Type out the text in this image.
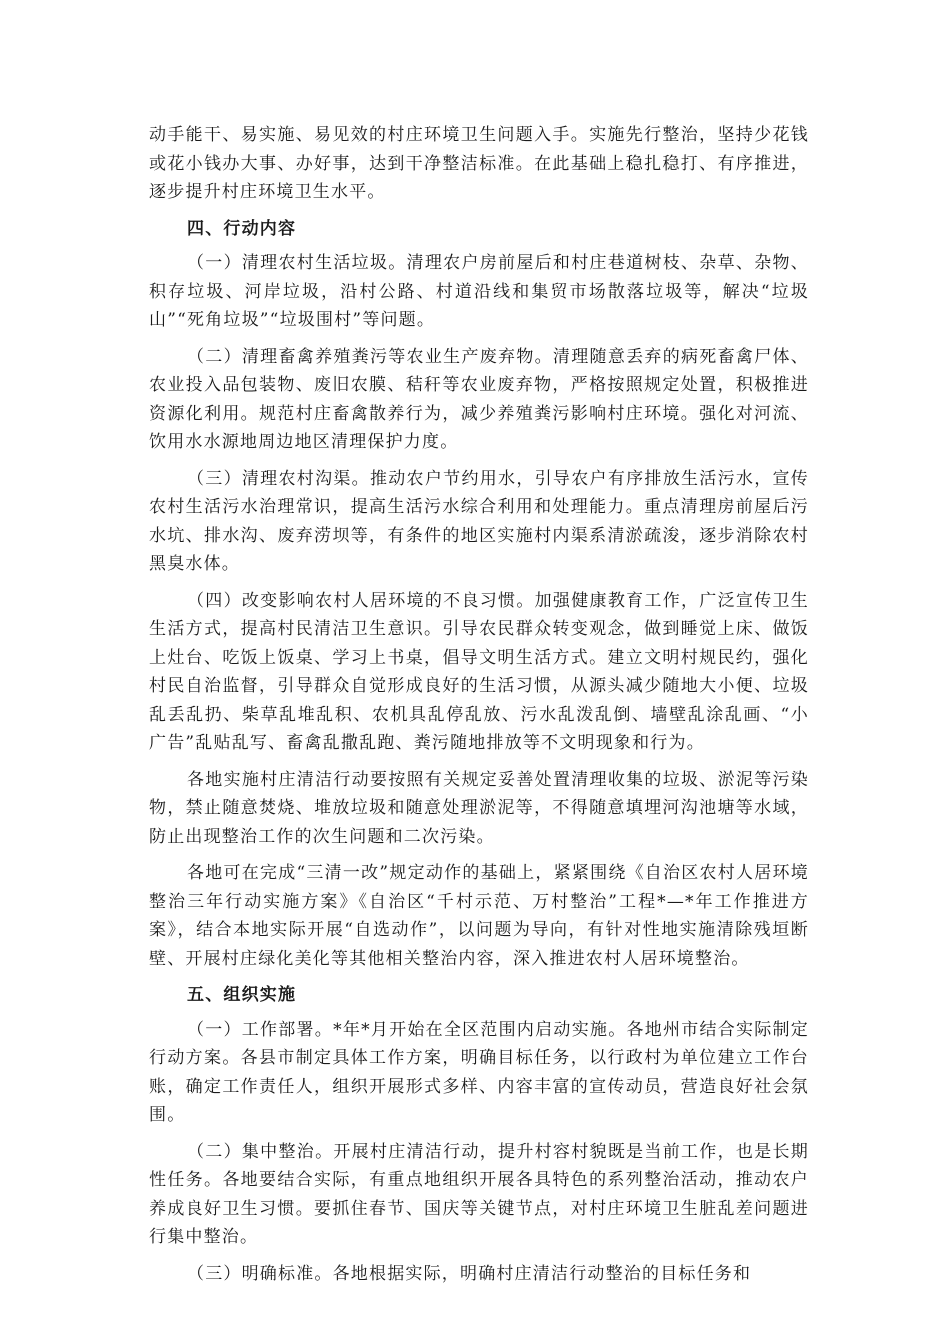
动手能干、易实施、易见效的村庄环境卫生问题入手。实施先行整治，坚持少花钱或花小钱办大事、办好事，达到干净整洁标准。在此基础上稳扎稳打、有序推进，逐步提升村庄环境卫生水平。

四、行动内容

（一）清理农村生活垃圾。清理农户房前屋后和村庄巷道树枝、杂草、杂物、积存垃圾、河岸垃圾，沿村公路、村道沿线和集贸市场散落垃圾等，解决“垃圾山”“死角垃圾”“垃圾围村”等问题。

（二）清理畜禽养殖粪污等农业生产废弃物。清理随意丢弃的病死畜禽尸体、农业投入品包装物、废旧农膜、秸秆等农业废弃物，严格按照规定处置，积极推进资源化利用。规范村庄畜禽散养行为，减少养殖粪污影响村庄环境。强化对河流、饮用水水源地周边地区清理保护力度。

（三）清理农村沟渠。推动农户节约用水，引导农户有序排放生活污水，宣传农村生活污水治理常识，提高生活污水综合利用和处理能力。重点清理房前屋后污水坑、排水沟、废弃涝坝等，有条件的地区实施村内渠系清淤疏浚，逐步消除农村黑臭水体。

（四）改变影响农村人居环境的不良习惯。加强健康教育工作，广泛宣传卫生生活方式，提高村民清洁卫生意识。引导农民群众转变观念，做到睡觉上床、做饭上灶台、吃饭上饭桌、学习上书桌，倡导文明生活方式。建立文明村规民约，强化村民自治监督，引导群众自觉形成良好的生活习惯，从源头减少随地大小便、垃圾乱丢乱扔、柴草乱堆乱积、农机具乱停乱放、污水乱泼乱倒、墙壁乱涂乱画、“小广告”乱贴乱写、畜禽乱撒乱跑、粪污随地排放等不文明现象和行为。

各地实施村庄清洁行动要按照有关规定妥善处置清理收集的垃圾、淤泥等污染物，禁止随意焚烧、堆放垃圾和随意处理淤泥等，不得随意填埋河沟池塘等水域，防止出现整治工作的次生问题和二次污染。

各地可在完成“三清一改”规定动作的基础上，紧紧围绕《自治区农村人居环境整治三年行动实施方案》《自治区“千村示范、万村整治”工程*—*年工作推进方案》，结合本地实际开展“自选动作”，以问题为导向，有针对性地实施清除残垣断壁、开展村庄绿化美化等其他相关整治内容，深入推进农村人居环境整治。

五、组织实施

（一）工作部署。*年*月开始在全区范围内启动实施。各地州市结合实际制定行动方案。各县市制定具体工作方案，明确目标任务，以行政村为单位建立工作台账，确定工作责任人，组织开展形式多样、内容丰富的宣传动员，营造良好社会氛围。

（二）集中整治。开展村庄清洁行动，提升村容村貌既是当前工作，也是长期性任务。各地要结合实际，有重点地组织开展各具特色的系列整治活动，推动农户养成良好卫生习惯。要抓住春节、国庆等关键节点，对村庄环境卫生脏乱差问题进行集中整治。

（三）明确标准。各地根据实际，明确村庄清洁行动整治的目标任务和
